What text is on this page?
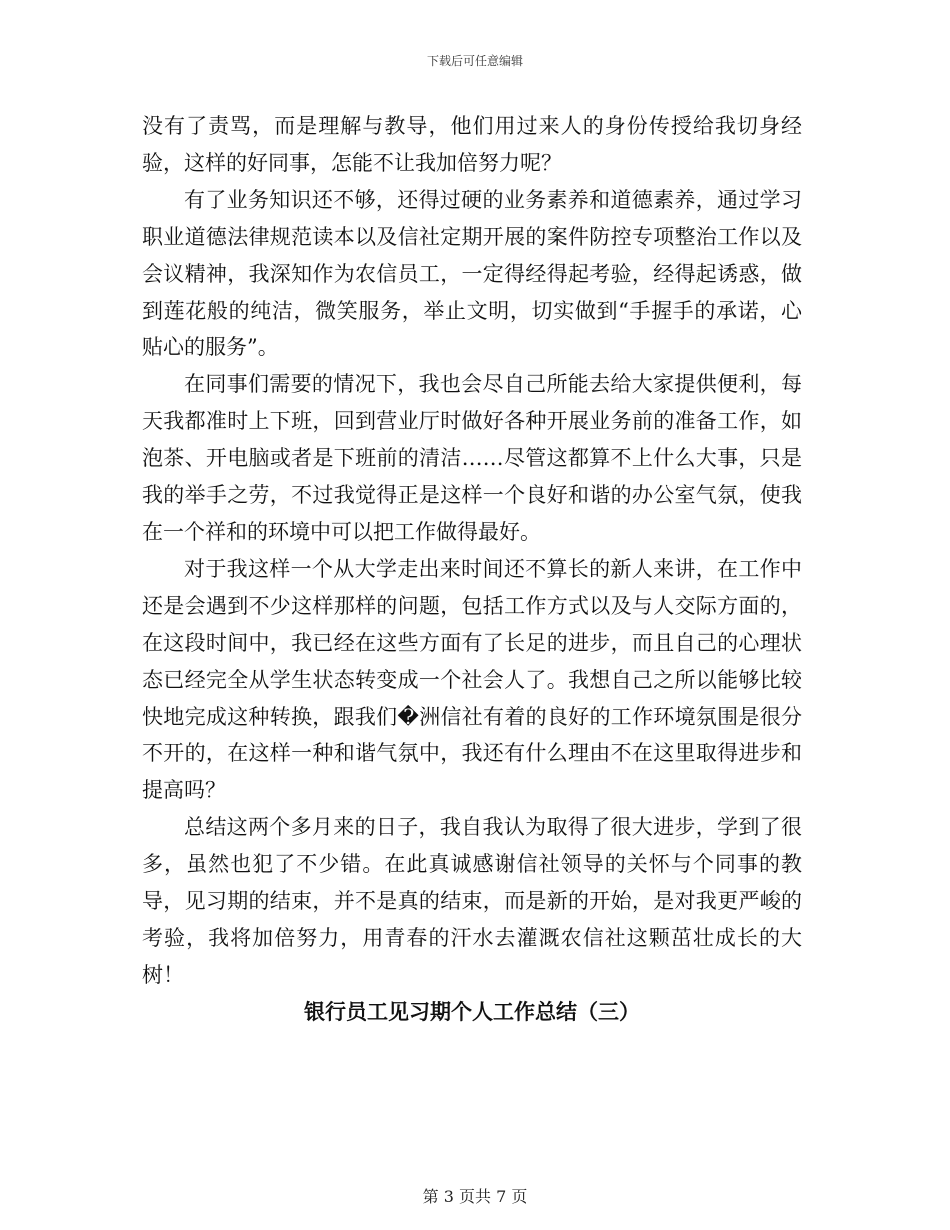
下载后可任意编辑

没有了责骂，而是理解与教导，他们用过来人的身份传授给我切身经验，这样的好同事，怎能不让我加倍努力呢？

有了业务知识还不够，还得过硬的业务素养和道德素养，通过学习职业道德法律规范读本以及信社定期开展的案件防控专项整治工作以及会议精神，我深知作为农信员工，一定得经得起考验，经得起诱惑，做到莲花般的纯洁，微笑服务，举止文明，切实做到“手握手的承诺，心贴心的服务”。

在同事们需要的情况下，我也会尽自己所能去给大家提供便利，每天我都准时上下班，回到营业厅时做好各种开展业务前的准备工作，如泡茶、开电脑或者是下班前的清洁……尽管这都算不上什么大事，只是我的举手之劳，不过我觉得正是这样一个良好和谐的办公室气氛，使我在一个祥和的环境中可以把工作做得最好。

对于我这样一个从大学走出来时间还不算长的新人来讲，在工作中还是会遇到不少这样那样的问题，包括工作方式以及与人交际方面的，在这段时间中，我已经在这些方面有了长足的进步，而且自己的心理状态已经完全从学生状态转变成一个社会人了。我想自己之所以能够比较快地完成这种转换，跟我们�洲信社有着的良好的工作环境氛围是很分不开的，在这样一种和谐气氛中，我还有什么理由不在这里取得进步和提高吗？

总结这两个多月来的日子，我自我认为取得了很大进步，学到了很多，虽然也犯了不少错。在此真诚感谢信社领导的关怀与个同事的教导，见习期的结束，并不是真的结束，而是新的开始，是对我更严峻的考验，我将加倍努力，用青春的汗水去灌溉农信社这颗茁壮成长的大树！

银行员工见习期个人工作总结（三）
第 3 页共 7 页
